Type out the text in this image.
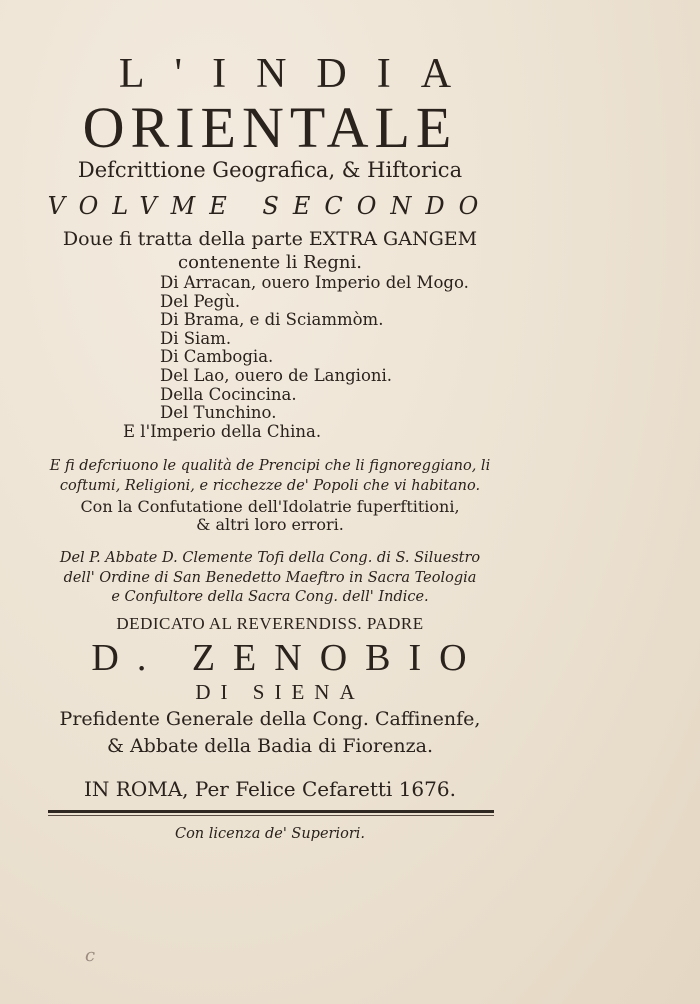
L'INDIA
ORIENTALE
Defcrittione Geografica, & Hiftorica
VOLVME SECONDO
Doue fi tratta della parte EXTRA GANGEM
contenente li Regni.
Di Arracan, ouero Imperio del Mogo.
Del Pegù.
Di Brama, e di Sciammòm.
Di Siam.
Di Cambogia.
Del Lao, ouero de Langioni.
Della Cocincina.
Del Tunchino.
E l'Imperio della China.
E fi defcriuono le qualità de Prencipi che li fignoreggiano, li
coftumi, Religioni, e ricchezze de' Popoli che vi habitano.
Con la Confutatione dell'Idolatrie fuperftitioni,
& altri loro errori.
Del P. Abbate D. Clemente Tofi della Cong. di S. Siluestro
dell' Ordine di San Benedetto Maeftro in Sacra Teologia
e Confultore della Sacra Cong. dell' Indice.
DEDICATO AL REVERENDISS. PADRE
D. ZENOBIO
DI SIENA
Prefidente Generale della Cong. Caffinenfe,
& Abbate della Badia di Fiorenza.
IN ROMA, Per Felice Cefaretti 1676.
Con licenza de' Superiori.
c
